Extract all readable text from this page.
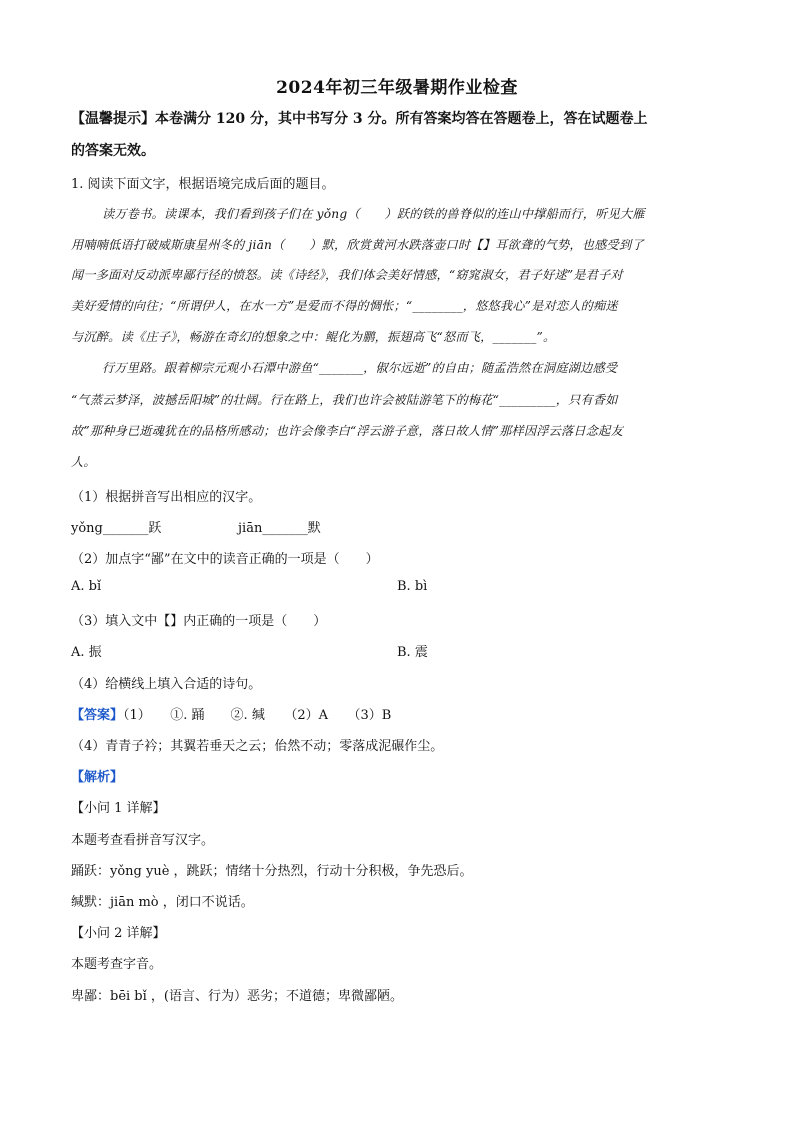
2024年初三年级暑期作业检查
【温馨提示】本卷满分 120 分，其中书写分 3 分。所有答案均答在答题卷上，答在试题卷上
的答案无效。
1. 阅读下面文字，根据语境完成后面的题目。
读万卷书。读课本，我们看到孩子们在 yǒng（　　）跃的铁的兽脊似的连山中撑船而行，听见大雁
用喃喃低语打破威斯康星州冬的 jiān（　　）默，欣赏黄河水跌落壶口时【】耳欲聋的气势，也感受到了
闻一多面对反动派卑鄙行径的愤怒。读《诗经》，我们体会美好情感，“窈窕淑女，君子好逑”是君子对
美好爱情的向往；“所谓伊人，在水一方”是爱而不得的惆怅；“________，悠悠我心”是对恋人的痴迷
与沉醉。读《庄子》，畅游在奇幻的想象之中：鲲化为鹏，振翅高飞“怒而飞，_______”。
行万里路。跟着柳宗元观小石潭中游鱼“_______，俶尔远逝”的自由；随孟浩然在洞庭湖边感受
“气蒸云梦泽，波撼岳阳城”的壮阔。行在路上，我们也许会被陆游笔下的梅花“_________，只有香如
故”那种身已逝魂犹在的品格所感动；也许会像李白“浮云游子意，落日故人情”那样因浮云落日念起友
人。
（1）根据拼音写出相应的汉字。
yǒng_______跃	jiān_______默
（2）加点字“鄙”在文中的读音正确的一项是（　　）
A. bǐ	B. bì
（3）填入文中【】内正确的一项是（　　）
A. 振	B. 震
（4）给横线上填入合适的诗句。
【答案】（1）　　①. 踊　　②. 缄　　（2）A　　（3）B
（4）青青子衿；其翼若垂天之云；佁然不动；零落成泥碾作尘。
【解析】
【小问 1 详解】
本题考查看拼音写汉字。
踊跃：yǒng yuè ，跳跃；情绪十分热烈，行动十分积极，争先恐后。
缄默：jiān mò ，闭口不说话。
【小问 2 详解】
本题考查字音。
卑鄙：bēi bǐ ，(语言、行为）恶劣；不道德；卑微鄙陋。
